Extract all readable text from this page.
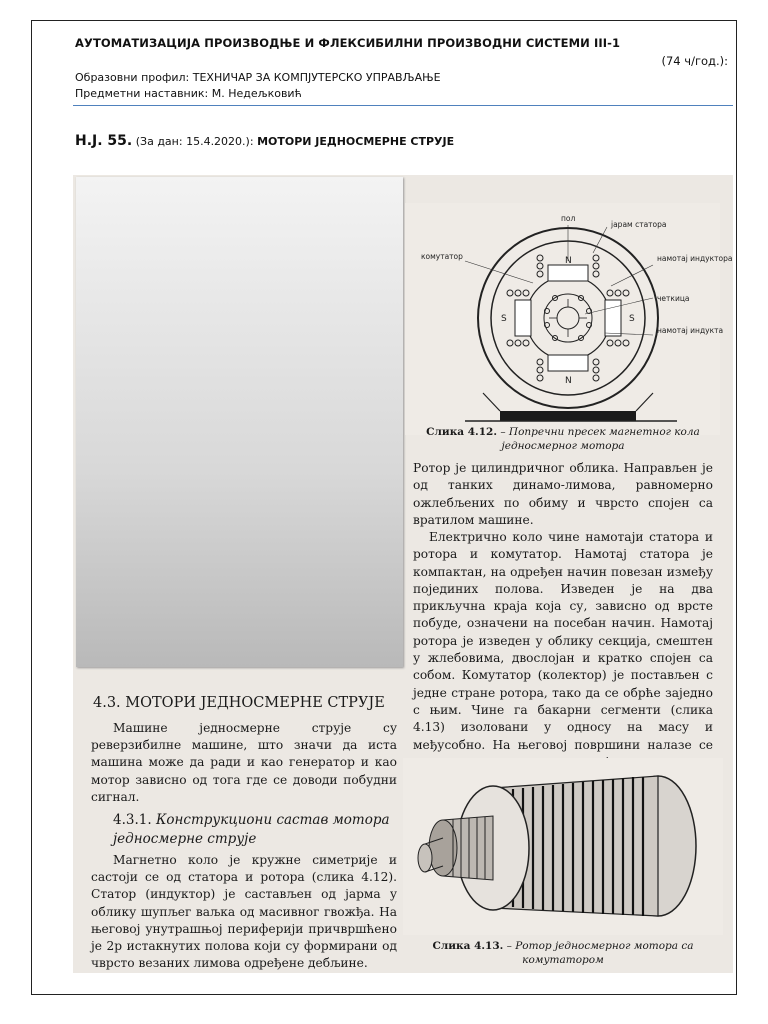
АУТОМАТИЗАЦИЈА ПРОИЗВОДЊЕ И ФЛЕКСИБИЛНИ ПРОИЗВОДНИ СИСТЕМИ III-1
(74 ч/год.):
Образовни профил: ТЕХНИЧАР ЗА КОМПЈУТЕРСКО УПРАВЉАЊЕ
Предметни наставник: М. Недељковић
Н.Ј. 55. (За дан: 15.4.2020.): МОТОРИ ЈЕДНОСМЕРНЕ СТРУЈЕ
4.3. МОТОРИ ЈЕДНОСМЕРНЕ СТРУЈЕ
Машине једносмерне струје су реверзибилне машине, што значи да иста машина може да ради и као генератор и као мотор зависно од тога где се доводи побудни сигнал.
4.3.1. Конструкциони састав мотора једносмерне струје
Магнетно коло је кружне симетрије и састоји се од статора и ротора (слика 4.12). Статор (индуктор) је састављен од јарма у облику шупљег ваљка од масивног гвожђа. На његовој унутрашњој периферији причвршћено је 2p истакнутих полова који су формирани од чврсто везаних лимова одређене дебљине.
пол
јарам статора
комутатор	намотај индуктора
четкица
намотај индукта
N
N
S	S
Слика 4.12. – Попречни пресек магнетног кола једносмерног мотора
Ротор је цилиндричног облика. Направљен је од танких динамо-лимова, равномерно ожлебљених по обиму и чврсто спојен са вратилом машине.
Електрично коло чине намотаји статора и ротора и комутатор. Намотај статора је компактан, на одређен начин повезан између појединих полова. Изведен је на два прикључна краја која су, зависно од врсте побуде, означени на посебан начин. Намотај ротора је изведен у облику секција, смештен у жлебовима, двослојан и кратко спојен са собом. Комутатор (колектор) је постављен с једне стране ротора, тако да се обрће заједно с њим. Чине га бакарни сегменти (слика 4.13) изоловани у односу на масу и међусобно. На његовој површини налазе се
Слика 4.13. – Ротор једносмерног мотора са комутатором
